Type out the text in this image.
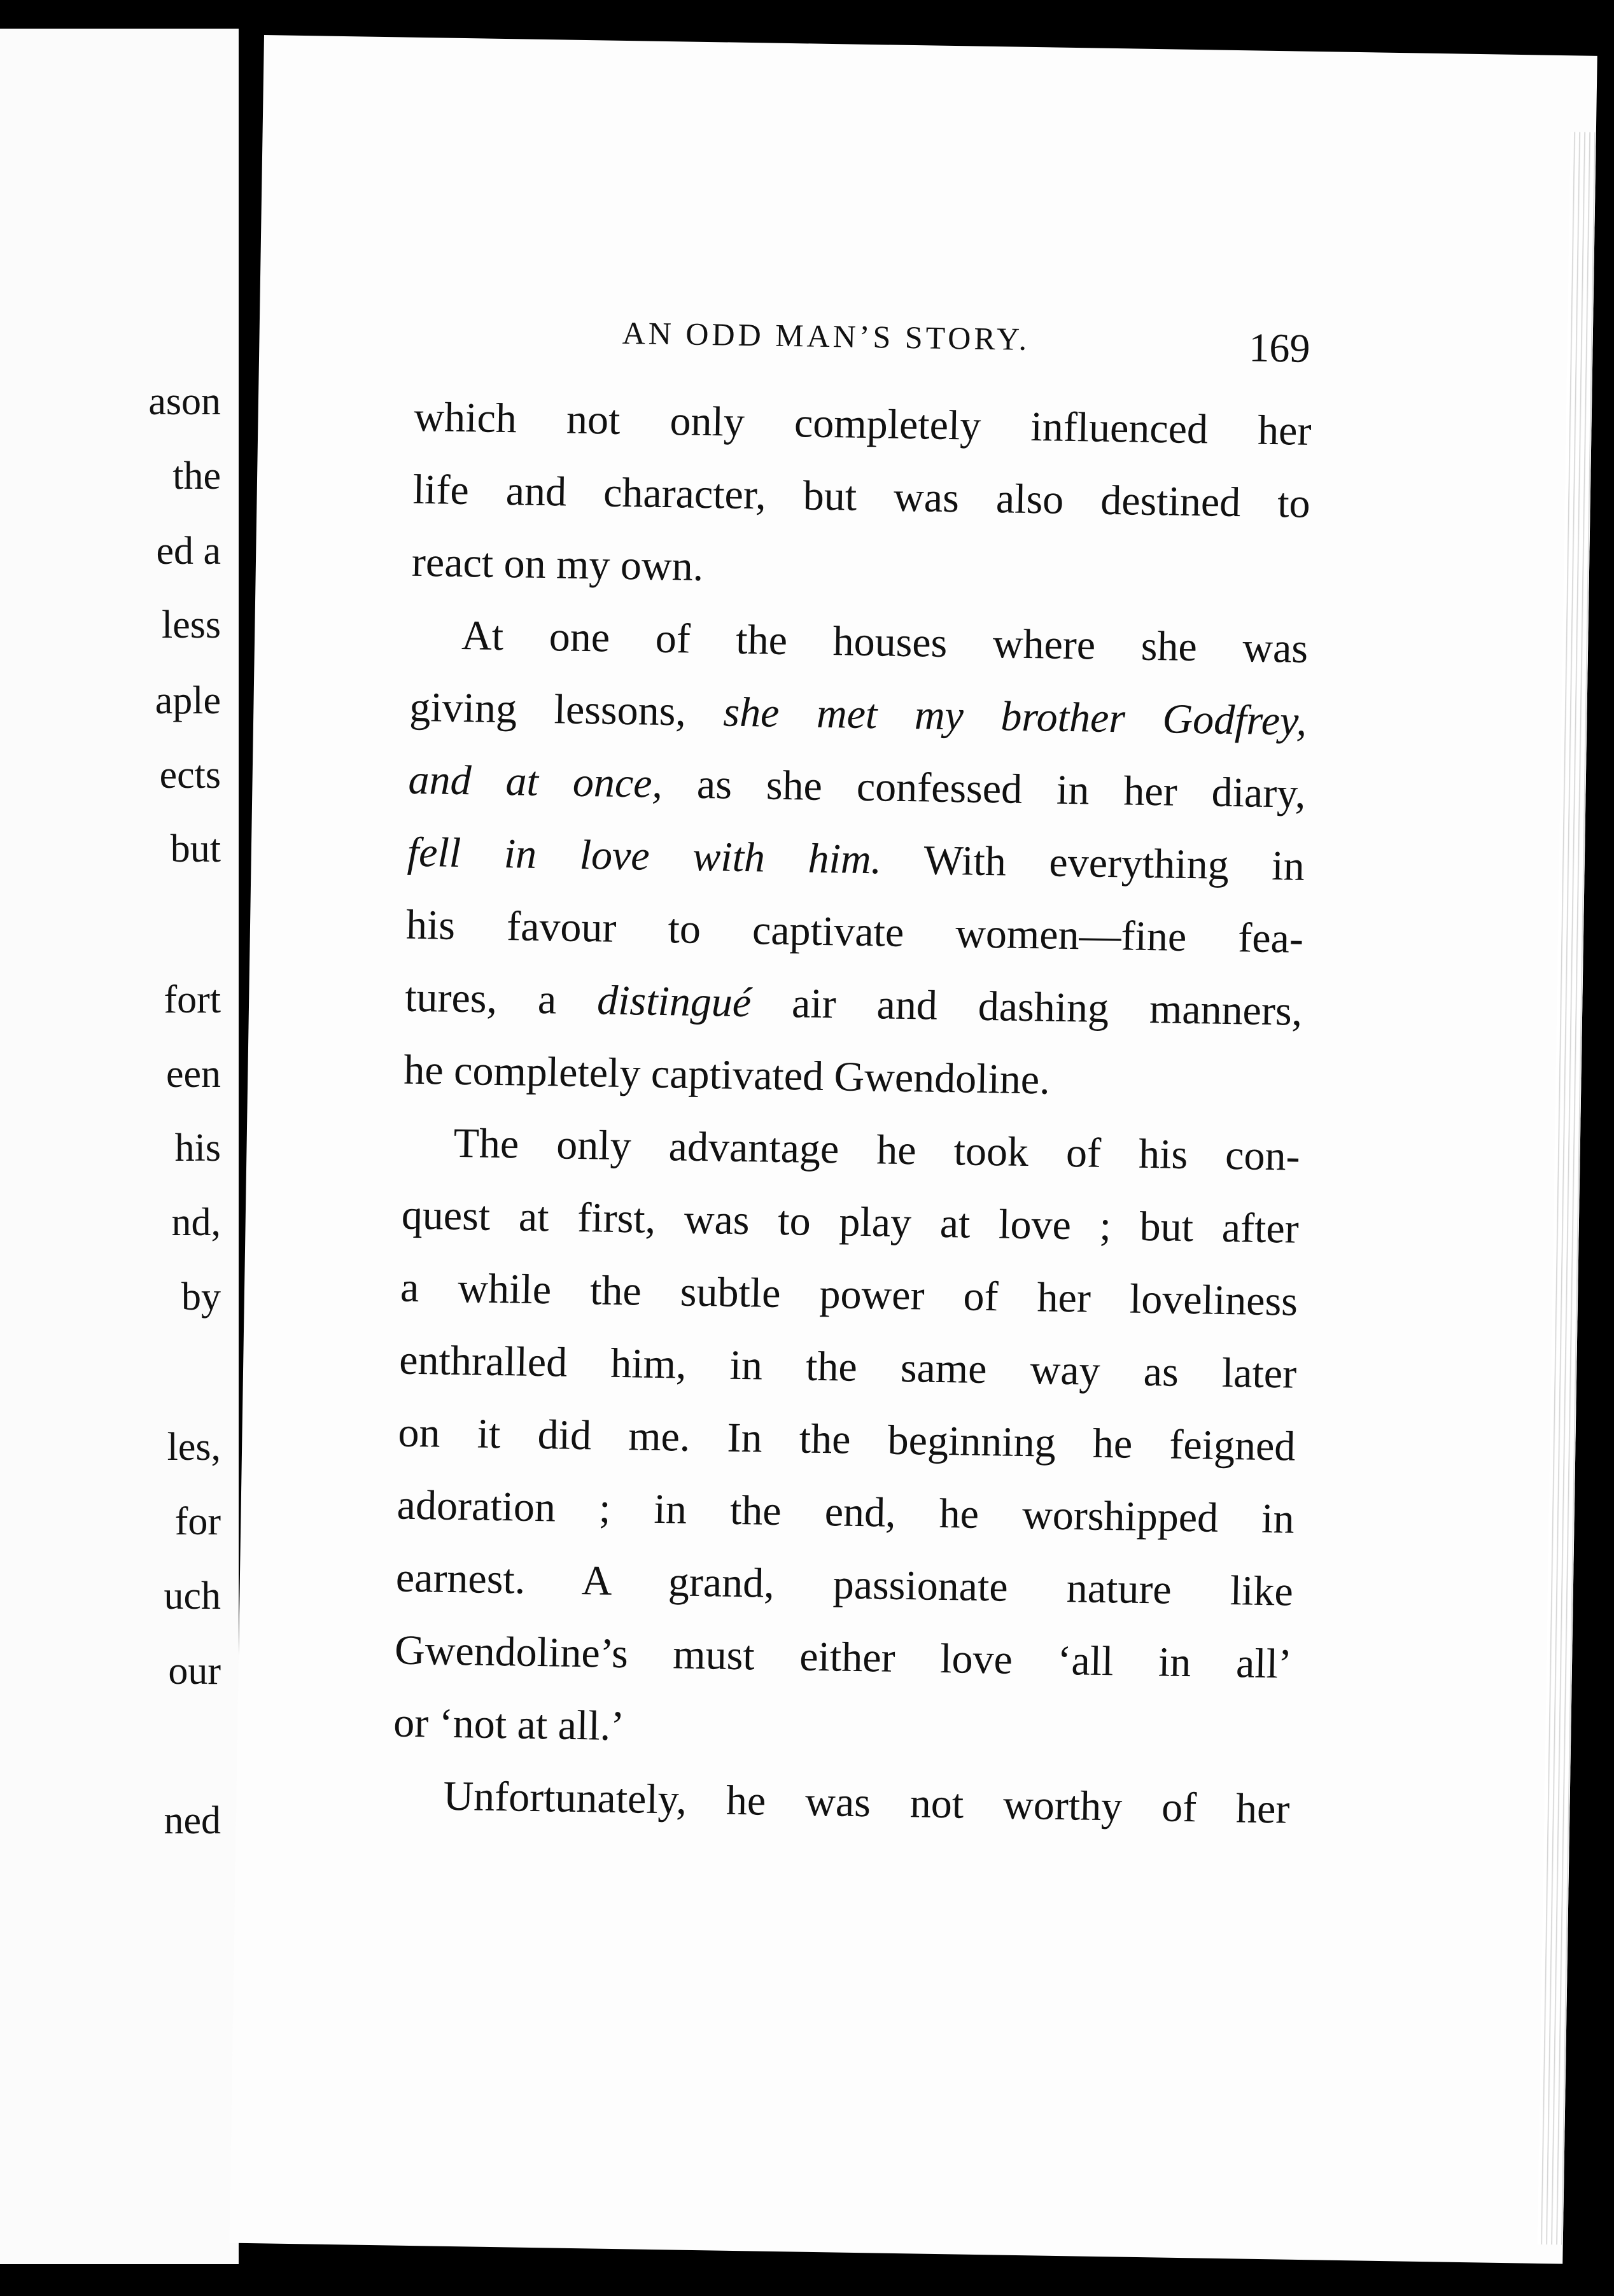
ason
the
ed a
less
aple
ects
but
fort
een
his
nd,
by
les,
for
uch
our
ned
AN ODD MAN’S STORY.	169
which not only completely influenced her
life and character, but was also destined to
react on my own.
At one of the houses where she was
giving lessons, she met my brother Godfrey,
and at once, as she confessed in her diary,
fell in love with him. With everything in
his favour to captivate women—fine fea-
tures, a distingué air and dashing manners,
he completely captivated Gwendoline.
The only advantage he took of his con-
quest at first, was to play at love ; but after
a while the subtle power of her loveliness
enthralled him, in the same way as later
on it did me. In the beginning he feigned
adoration ; in the end, he worshipped in
earnest. A grand, passionate nature like
Gwendoline’s must either love ‘all in all’
or ‘not at all.’
Unfortunately, he was not worthy of her
